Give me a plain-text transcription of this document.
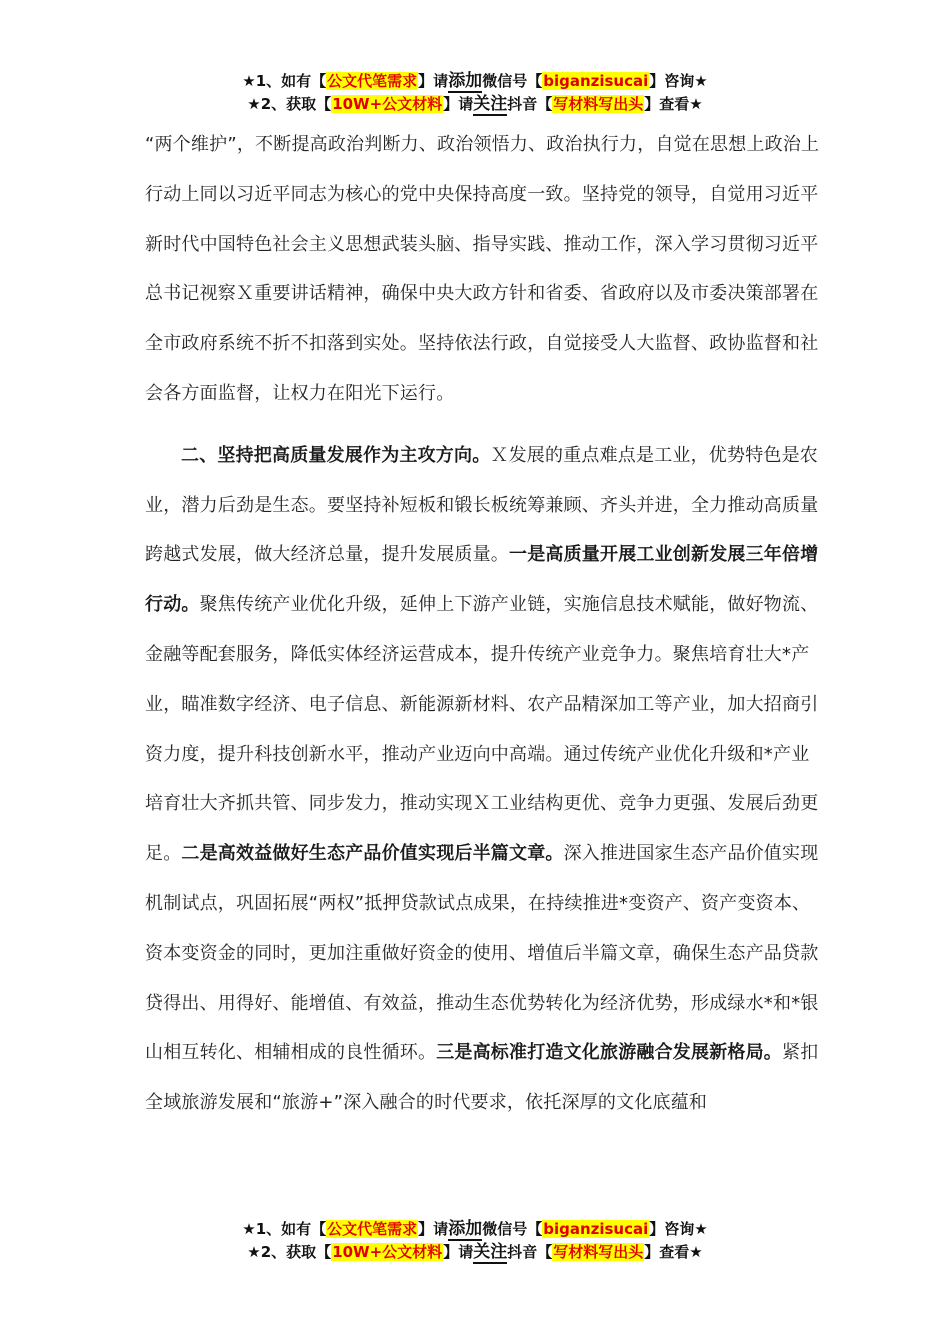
★1、如有【公文代笔需求】请添加微信号【biganzisucai】咨询★
★2、获取【10W+公文材料】请关注抖音【写材料写出头】查看★

“两个维护”，不断提高政治判断力、政治领悟力、政治执行力，自觉在思想上政治上行动上同以习近平同志为核心的党中央保持高度一致。坚持党的领导，自觉用习近平新时代中国特色社会主义思想武装头脑、指导实践、推动工作，深入学习贯彻习近平总书记视察Ｘ重要讲话精神，确保中央大政方针和省委、省政府以及市委决策部署在全市政府系统不折不扣落到实处。坚持依法行政，自觉接受人大监督、政协监督和社会各方面监督，让权力在阳光下运行。

二、坚持把高质量发展作为主攻方向。Ｘ发展的重点难点是工业，优势特色是农业，潜力后劲是生态。要坚持补短板和锻长板统筹兼顾、齐头并进，全力推动高质量跨越式发展，做大经济总量，提升发展质量。一是高质量开展工业创新发展三年倍增行动。聚焦传统产业优化升级，延伸上下游产业链，实施信息技术赋能，做好物流、金融等配套服务，降低实体经济运营成本，提升传统产业竞争力。聚焦培育壮大*产业，瞄准数字经济、电子信息、新能源新材料、农产品精深加工等产业，加大招商引资力度，提升科技创新水平，推动产业迈向中高端。通过传统产业优化升级和*产业培育壮大齐抓共管、同步发力，推动实现Ｘ工业结构更优、竞争力更强、发展后劲更足。二是高效益做好生态产品价值实现后半篇文章。深入推进国家生态产品价值实现机制试点，巩固拓展“两权”抵押贷款试点成果，在持续推进*变资产、资产变资本、资本变资金的同时，更加注重做好资金的使用、增值后半篇文章，确保生态产品贷款贷得出、用得好、能增值、有效益，推动生态优势转化为经济优势，形成绿水*和*银山相互转化、相辅相成的良性循环。三是高标准打造文化旅游融合发展新格局。紧扣全域旅游发展和“旅游+”深入融合的时代要求，依托深厚的文化底蕴和

★1、如有【公文代笔需求】请添加微信号【biganzisucai】咨询★
★2、获取【10W+公文材料】请关注抖音【写材料写出头】查看★
